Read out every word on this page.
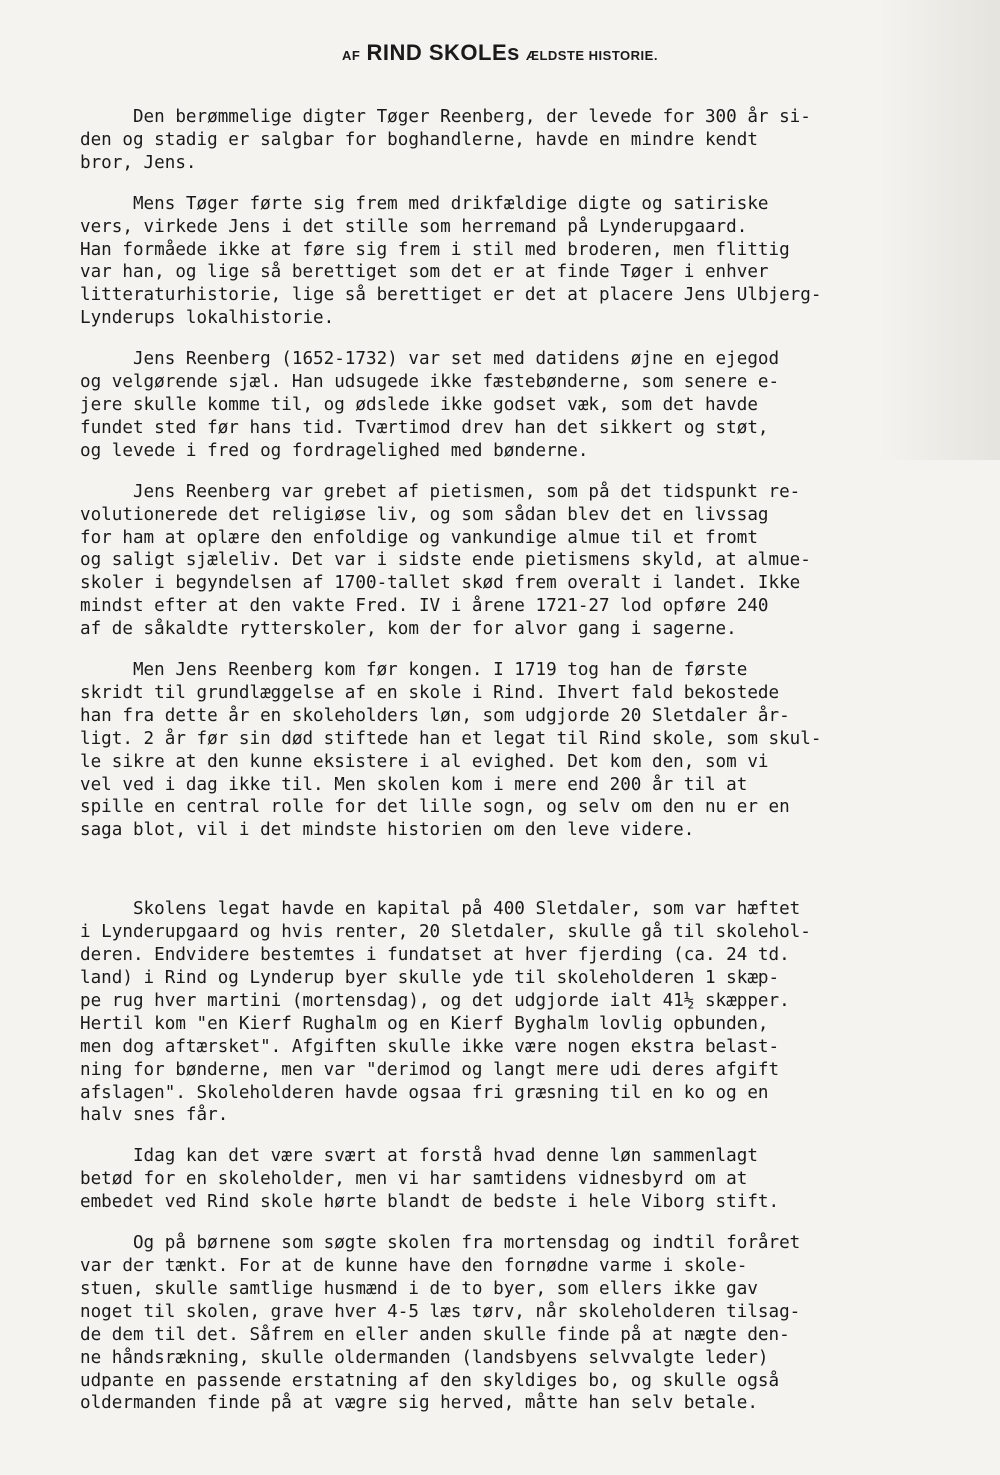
AF RIND SKOLEs ÆLDSTE HISTORIE.
Den berømmelige digter Tøger Reenberg, der levede for 300 år si-
den og stadig er salgbar for boghandlerne, havde en mindre kendt
bror, Jens.
Mens Tøger førte sig frem med drikfældige digte og satiriske
vers, virkede Jens i det stille som herremand på Lynderupgaard.
Han formåede ikke at føre sig frem i stil med broderen, men flittig
var han, og lige så berettiget som det er at finde Tøger i enhver
litteraturhistorie, lige så berettiget er det at placere Jens Ulbjerg-
Lynderups lokalhistorie.
Jens Reenberg (1652-1732) var set med datidens øjne en ejegod
og velgørende sjæl. Han udsugede ikke fæstebønderne, som senere e-
jere skulle komme til, og ødslede ikke godset væk, som det havde
fundet sted før hans tid. Tværtimod drev han det sikkert og støt,
og levede i fred og fordragelighed med bønderne.
Jens Reenberg var grebet af pietismen, som på det tidspunkt re-
volutionerede det religiøse liv, og som sådan blev det en livssag
for ham at oplære den enfoldige og vankundige almue til et fromt
og saligt sjæleliv. Det var i sidste ende pietismens skyld, at almue-
skoler i begyndelsen af 1700-tallet skød frem overalt i landet. Ikke
mindst efter at den vakte Fred. IV i årene 1721-27 lod opføre 240
af de såkaldte rytterskoler, kom der for alvor gang i sagerne.
Men Jens Reenberg kom før kongen. I 1719 tog han de første
skridt til grundlæggelse af en skole i Rind. Ihvert fald bekostede
han fra dette år en skoleholders løn, som udgjorde 20 Sletdaler år-
ligt. 2 år før sin død stiftede han et legat til Rind skole, som skul-
le sikre at den kunne eksistere i al evighed. Det kom den, som vi
vel ved i dag ikke til. Men skolen kom i mere end 200 år til at
spille en central rolle for det lille sogn, og selv om den nu er en
saga blot, vil i det mindste historien om den leve videre.
Skolens legat havde en kapital på 400 Sletdaler, som var hæftet
i Lynderupgaard og hvis renter, 20 Sletdaler, skulle gå til skolehol-
deren. Endvidere bestemtes i fundatset at hver fjerding (ca. 24 td.
land) i Rind og Lynderup byer skulle yde til skoleholderen 1 skæp-
pe rug hver martini (mortensdag), og det udgjorde ialt 41½ skæpper.
Hertil kom "en Kierf Rughalm og en Kierf Byghalm lovlig opbunden,
men dog aftærsket". Afgiften skulle ikke være nogen ekstra belast-
ning for bønderne, men var "derimod og langt mere udi deres afgift
afslagen". Skoleholderen havde ogsaa fri græsning til en ko og en
halv snes får.
Idag kan det være svært at forstå hvad denne løn sammenlagt
betød for en skoleholder, men vi har samtidens vidnesbyrd om at
embedet ved Rind skole hørte blandt de bedste i hele Viborg stift.
Og på børnene som søgte skolen fra mortensdag og indtil foråret
var der tænkt. For at de kunne have den fornødne varme i skole-
stuen, skulle samtlige husmænd i de to byer, som ellers ikke gav
noget til skolen, grave hver 4-5 læs tørv, når skoleholderen tilsag-
de dem til det. Såfrem en eller anden skulle finde på at nægte den-
ne håndsrækning, skulle oldermanden (landsbyens selvvalgte leder)
udpante en passende erstatning af den skyldiges bo, og skulle også
oldermanden finde på at vægre sig herved, måtte han selv betale.
